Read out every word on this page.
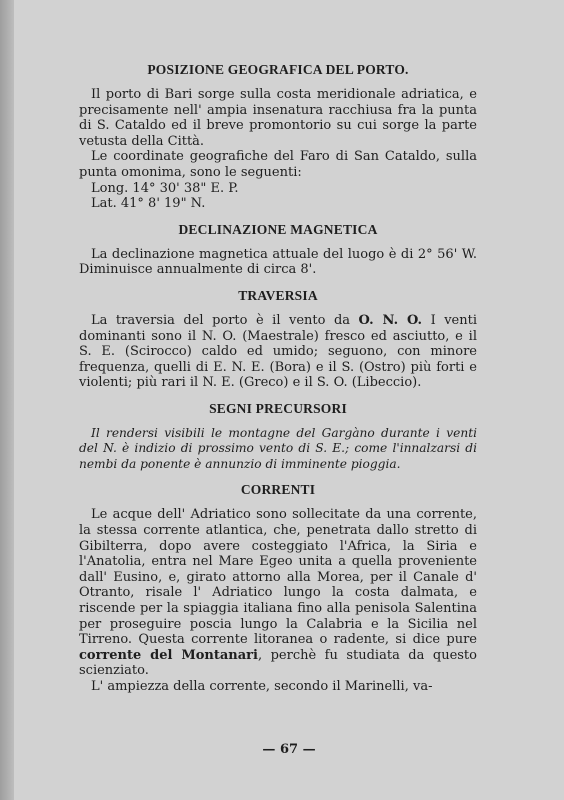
POSIZIONE GEOGRAFICA DEL PORTO.

Il porto di Bari sorge sulla costa meridionale adriatica, e precisamente nell' ampia insenatura racchiusa fra la punta di S. Cataldo ed il breve promontorio su cui sorge la parte vetusta della Città.

Le coordinate geografiche del Faro di San Cataldo, sulla punta omonima, sono le seguenti:

Long. 14° 30' 38" E. P.
Lat. 41° 8' 19" N.
DECLINAZIONE MAGNETICA

La declinazione magnetica attuale del luogo è di 2° 56' W. Diminuisce annualmente di circa 8'.

TRAVERSIA

La traversia del porto è il vento da O. N. O. I venti dominanti sono il N. O. (Maestrale) fresco ed asciutto, e il S. E. (Scirocco) caldo ed umido; seguono, con minore frequenza, quelli di E. N. E. (Bora) e il S. (Ostro) più forti e violenti; più rari il N. E. (Greco) e il S. O. (Libeccio).

SEGNI PRECURSORI

Il rendersi visibili le montagne del Gargàno durante i venti del N. è indizio di prossimo vento di S. E.; come l'innalzarsi di nembi da ponente è annunzio di imminente pioggia.

CORRENTI

Le acque dell' Adriatico sono sollecitate da una corrente, la stessa corrente atlantica, che, penetrata dallo stretto di Gibilterra, dopo avere costeggiato l'Africa, la Siria e l'Anatolia, entra nel Mare Egeo unita a quella proveniente dall' Eusino, e, girato attorno alla Morea, per il Canale d' Otranto, risale l' Adriatico lungo la costa dalmata, e riscende per la spiaggia italiana fino alla penisola Salentina per proseguire poscia lungo la Calabria e la Sicilia nel Tirreno. Questa corrente litoranea o radente, si dice pure corrente del Montanari, perchè fu studiata da questo scienziato.

L' ampiezza della corrente, secondo il Marinelli, va-

— 67 —
